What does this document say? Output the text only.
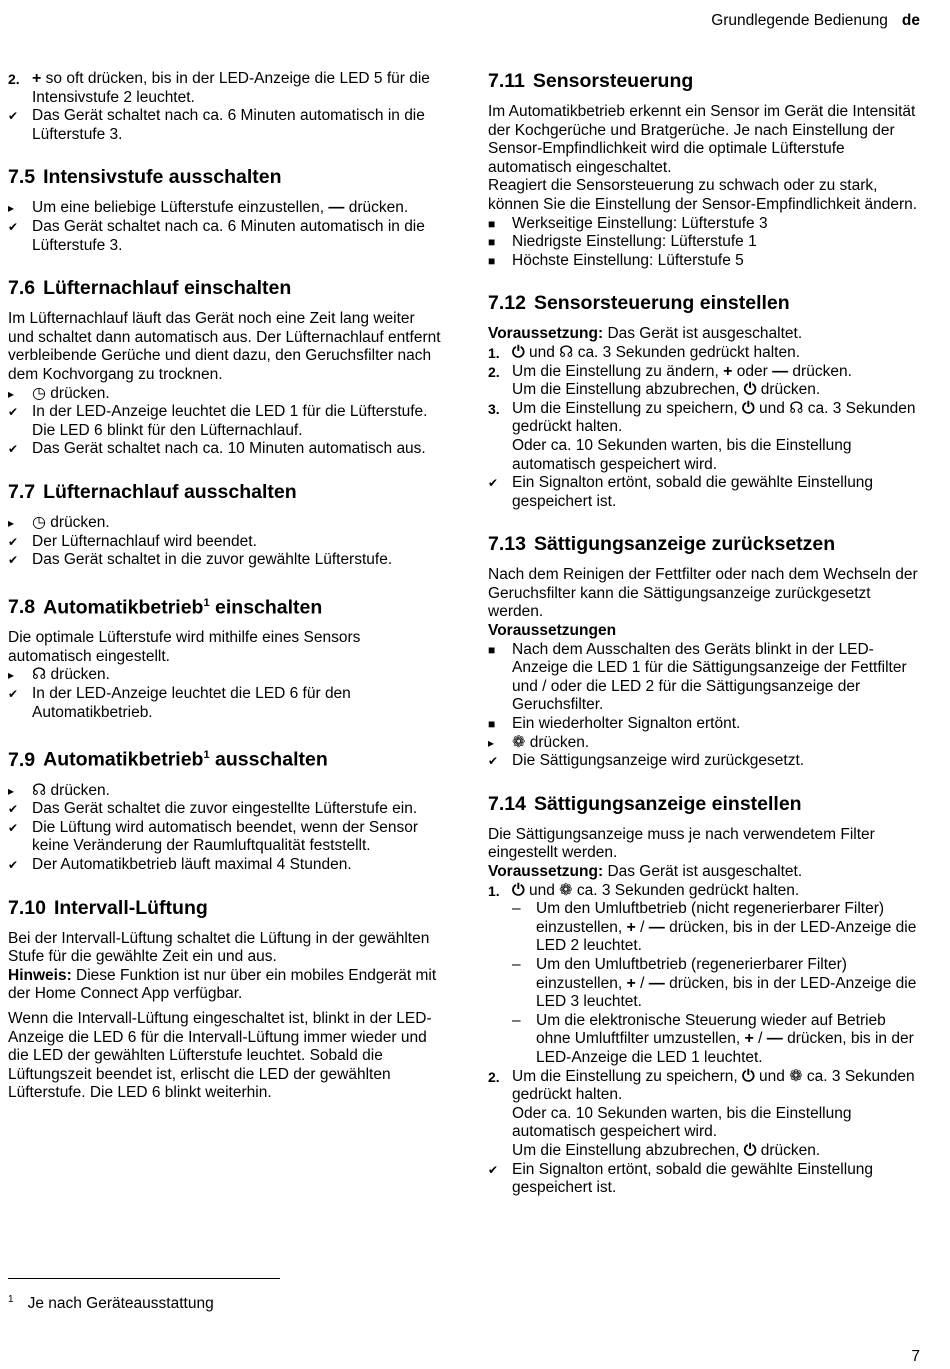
Grundlegende Bedienung de
2. + so oft drücken, bis in der LED-Anzeige die LED 5 für die Intensivstufe 2 leuchtet.
✔ Das Gerät schaltet nach ca. 6 Minuten automatisch in die Lüfterstufe 3.
7.5 Intensivstufe ausschalten
▸	Um eine beliebige Lüfterstufe einzustellen, — drücken.
✔ Das Gerät schaltet nach ca. 6 Minuten automatisch in die Lüfterstufe 3.
7.6 Lüfternachlauf einschalten

Im Lüfternachlauf läuft das Gerät noch eine Zeit lang weiter und schaltet dann automatisch aus. Der Lüfternachlauf entfernt verbleibende Gerüche und dient dazu, den Geruchsfilter nach dem Kochvorgang zu trocknen.

▸	◷ drücken.
✔ In der LED-Anzeige leuchtet die LED 1 für die Lüfterstufe. Die LED 6 blinkt für den Lüfternachlauf.
✔ Das Gerät schaltet nach ca. 10 Minuten automatisch aus.
7.7 Lüfternachlauf ausschalten
▸	◷ drücken.
✔ Der Lüfternachlauf wird beendet.
✔ Das Gerät schaltet in die zuvor gewählte Lüfterstufe.
7.8 Automatikbetrieb$^1$ einschalten

Die optimale Lüfterstufe wird mithilfe eines Sensors automatisch eingestellt.

▸	☊ drücken.
✔ In der LED-Anzeige leuchtet die LED 6 für den Automatikbetrieb.
7.9 Automatikbetrieb$^1$ ausschalten
▸	☊ drücken.
✔ Das Gerät schaltet die zuvor eingestellte Lüfterstufe ein.
✔ Die Lüftung wird automatisch beendet, wenn der Sensor keine Veränderung der Raumluftqualität feststellt.
✔ Der Automatikbetrieb läuft maximal 4 Stunden.
7.10 Intervall-Lüftung

Bei der Intervall-Lüftung schaltet die Lüftung in der gewählten Stufe für die gewählte Zeit ein und aus.

Hinweis: Diese Funktion ist nur über ein mobiles Endgerät mit der Home Connect App verfügbar.

Wenn die Intervall-Lüftung eingeschaltet ist, blinkt in der LED-Anzeige die LED 6 für die Intervall-Lüftung immer wieder und die LED der gewählten Lüfterstufe leuchtet. Sobald die Lüftungszeit beendet ist, erlischt die LED der gewählten Lüfterstufe. Die LED 6 blinkt weiterhin.

7.11 Sensorsteuerung

Im Automatikbetrieb erkennt ein Sensor im Gerät die Intensität der Kochgerüche und Bratgerüche. Je nach Einstellung der Sensor-Empfindlichkeit wird die optimale Lüfterstufe automatisch eingeschaltet.

Reagiert die Sensorsteuerung zu schwach oder zu stark, können Sie die Einstellung der Sensor-Empfindlichkeit ändern.

■	Werkseitige Einstellung: Lüfterstufe 3
■	Niedrigste Einstellung: Lüfterstufe 1
■	Höchste Einstellung: Lüfterstufe 5
7.12 Sensorsteuerung einstellen

Voraussetzung: Das Gerät ist ausgeschaltet.

1. ⏻ und ☊ ca. 3 Sekunden gedrückt halten.
2. Um die Einstellung zu ändern, + oder — drücken.
Um die Einstellung abzubrechen, ⏻ drücken.
3. Um die Einstellung zu speichern, ⏻ und ☊ ca. 3 Sekunden gedrückt halten.
Oder ca. 10 Sekunden warten, bis die Einstellung automatisch gespeichert wird.
✔ Ein Signalton ertönt, sobald die gewählte Einstellung gespeichert ist.
7.13 Sättigungsanzeige zurücksetzen

Nach dem Reinigen der Fettfilter oder nach dem Wechseln der Geruchsfilter kann die Sättigungsanzeige zurückgesetzt werden.

Voraussetzungen

■	Nach dem Ausschalten des Geräts blinkt in der LED-Anzeige die LED 1 für die Sättigungsanzeige der Fettfilter und / oder die LED 2 für die Sättigungsanzeige der Geruchsfilter.
■	Ein wiederholter Signalton ertönt.
▸	❁ drücken.
✔ Die Sättigungsanzeige wird zurückgesetzt.
7.14 Sättigungsanzeige einstellen

Die Sättigungsanzeige muss je nach verwendetem Filter eingestellt werden.

Voraussetzung: Das Gerät ist ausgeschaltet.

1. ⏻ und ❁ ca. 3 Sekunden gedrückt halten.
– Um den Umluftbetrieb (nicht regenerierbarer Filter) einzustellen, + / — drücken, bis in der LED-Anzeige die LED 2 leuchtet.
– Um den Umluftbetrieb (regenerierbarer Filter) einzustellen, + / — drücken, bis in der LED-Anzeige die LED 3 leuchtet.
– Um die elektronische Steuerung wieder auf Betrieb ohne Umluftfilter umzustellen, + / — drücken, bis in der LED-Anzeige die LED 1 leuchtet.
2. Um die Einstellung zu speichern, ⏻ und ❁ ca. 3 Sekunden gedrückt halten.
Oder ca. 10 Sekunden warten, bis die Einstellung automatisch gespeichert wird.
Um die Einstellung abzubrechen, ⏻ drücken.
✔ Ein Signalton ertönt, sobald die gewählte Einstellung gespeichert ist.
$^1$ Je nach Geräteausstattung
7
